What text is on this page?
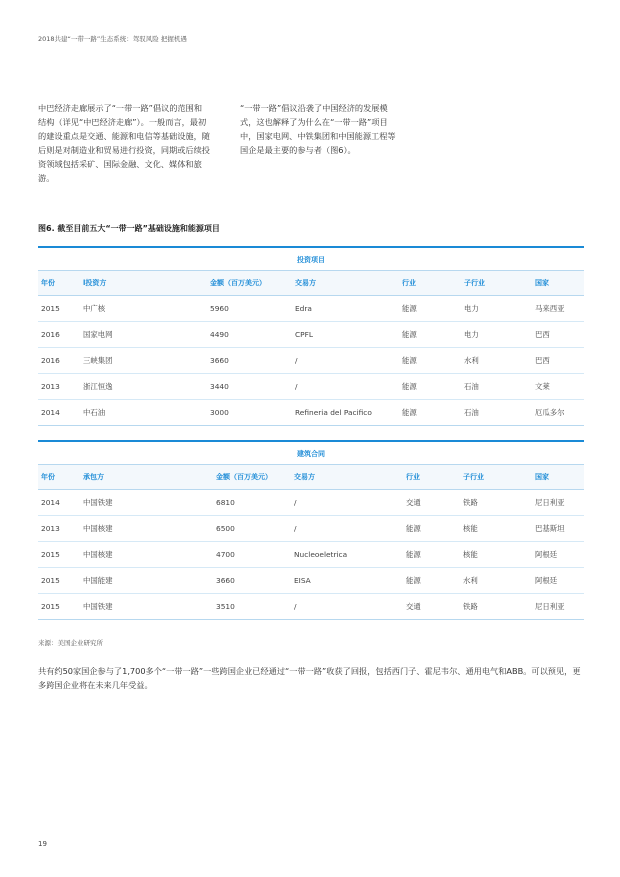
2018共建“一带一路”生态系统：驾驭风险 把握机遇
中巴经济走廊展示了“一带一路”倡议的范围和结构（详见“中巴经济走廊”）。一般而言，最初的建设重点是交通、能源和电信等基础设施，随后则是对制造业和贸易进行投资，同期或后续投资领域包括采矿、国际金融、文化、媒体和旅游。
“一带一路”倡议沿袭了中国经济的发展模式，这也解释了为什么在“一带一路”项目中，国家电网、中铁集团和中国能源工程等国企是最主要的参与者（图6）。
图6. 截至目前五大“一带一路”基础设施和能源项目
投资项目
年份	l投资方	金额（百万美元）	交易方	行业	子行业	国家
2015	中广核	5960	Edra	能源	电力	马来西亚
2016	国家电网	4490	CPFL	能源	电力	巴西
2016	三峡集团	3660	/	能源	水利	巴西
2013	浙江恒逸	3440	/	能源	石油	文莱
2014	中石油	3000	Refineria del Pacifico	能源	石油	厄瓜多尔
建筑合同
年份	承包方	金额（百万美元）	交易方	行业	子行业	国家
2014	中国铁建	6810	/	交通	铁路	尼日利亚
2013	中国核建	6500	/	能源	核能	巴基斯坦
2015	中国核建	4700	Nucleoeletrica	能源	核能	阿根廷
2015	中国能建	3660	EISA	能源	水利	阿根廷
2015	中国铁建	3510	/	交通	铁路	尼日利亚
来源：美国企业研究所
共有约50家国企参与了1,700多个“一带一路”一些跨国企业已经通过“一带一路”收获了回报，包括西门子、霍尼韦尔、通用电气和ABB。可以预见，更多跨国企业将在未来几年受益。
19
